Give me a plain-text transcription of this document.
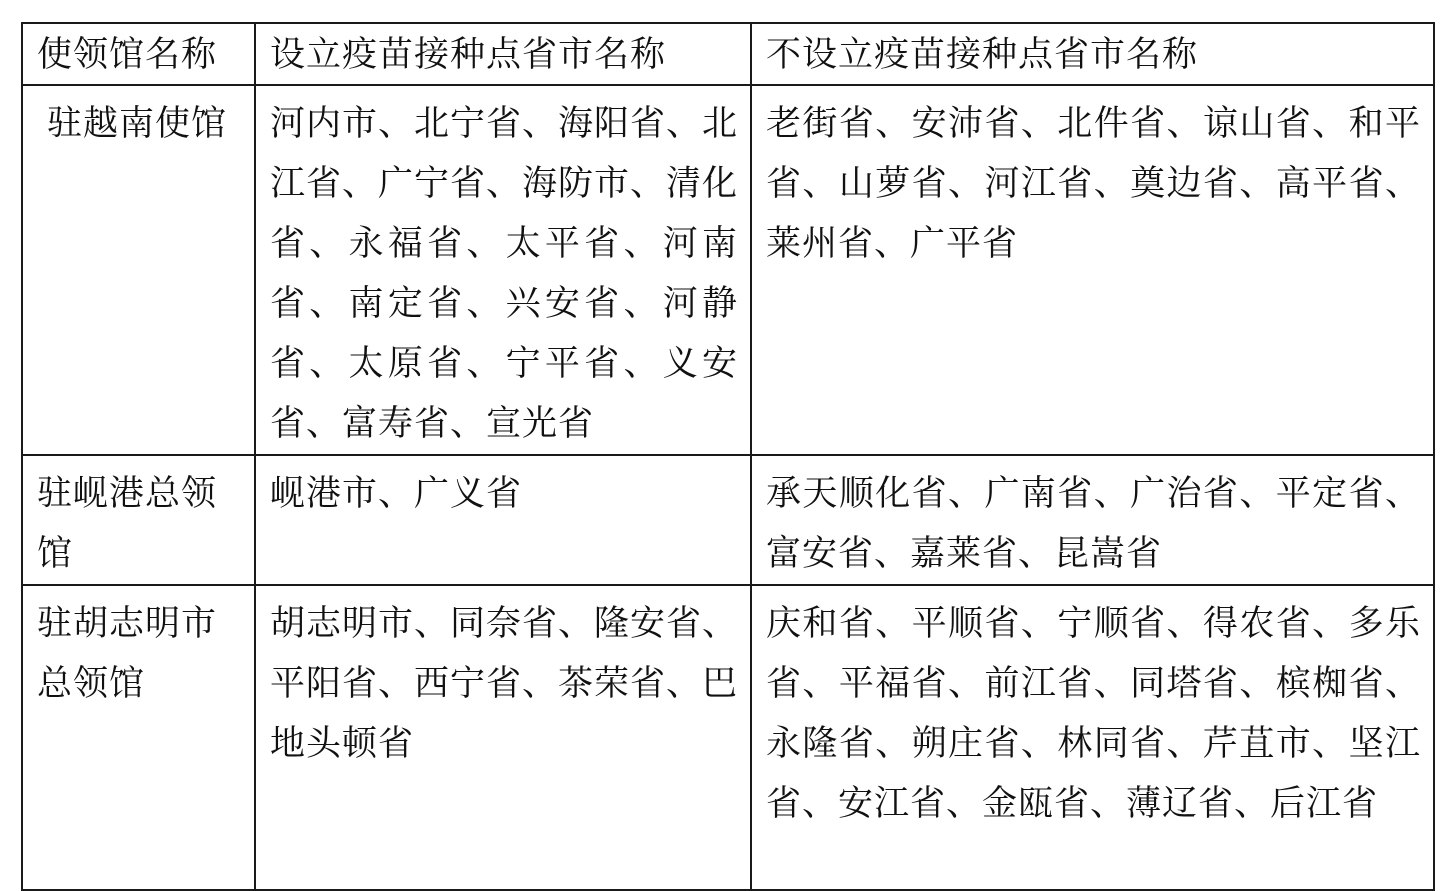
使领馆名称	设立疫苗接种点省市名称	不设立疫苗接种点省市名称
驻越南使馆	河内市、北宁省、海阳省、北江省、广宁省、海防市、清化省、永福省、太平省、河南省、南定省、兴安省、河静省、太原省、宁平省、义安省、富寿省、宣光省	老街省、安沛省、北件省、谅山省、和平省、山萝省、河江省、奠边省、高平省、莱州省、广平省
驻岘港总领馆	岘港市、广义省	承天顺化省、广南省、广治省、平定省、富安省、嘉莱省、昆嵩省
驻胡志明市总领馆	胡志明市、同奈省、隆安省、平阳省、西宁省、茶荣省、巴地头顿省	庆和省、平顺省、宁顺省、得农省、多乐省、平福省、前江省、同塔省、槟椥省、永隆省、朔庄省、林同省、芹苴市、坚江省、安江省、金瓯省、薄辽省、后江省
